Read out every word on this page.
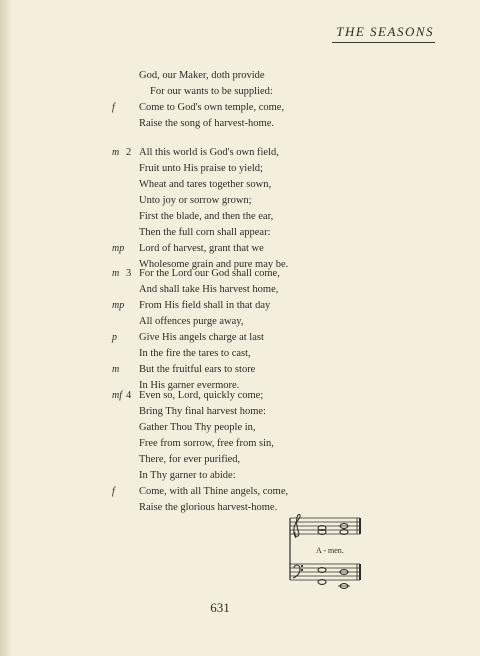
THE SEASONS
God, our Maker, doth provide
For our wants to be supplied:
f Come to God's own temple, come,
Raise the song of harvest-home.
m 2 All this world is God's own field,
Fruit unto His praise to yield;
Wheat and tares together sown,
Unto joy or sorrow grown;
First the blade, and then the ear,
Then the full corn shall appear:
mp Lord of harvest, grant that we
Wholesome grain and pure may be.
m 3 For the Lord our God shall come,
And shall take His harvest home,
mp From His field shall in that day
All offences purge away,
p Give His angels charge at last
In the fire the tares to cast,
m But the fruitful ears to store
In His garner evermore.
mf 4 Even so, Lord, quickly come;
Bring Thy final harvest home:
Gather Thou Thy people in,
Free from sorrow, free from sin,
There, for ever purified,
In Thy garner to abide:
f Come, with all Thine angels, come,
Raise the glorious harvest-home.
A - men.
631
